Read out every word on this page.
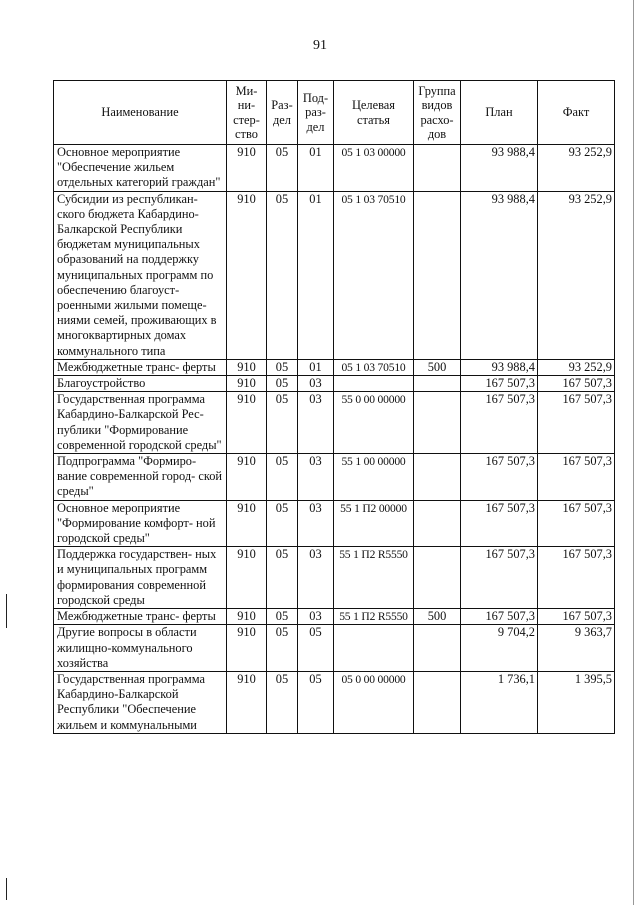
91
Наименование	Ми- ни- стер- ство	Раз- дел	Под- раз- дел	Целевая статья	Группа видов расхо- дов	План	Факт
Основное мероприятие "Обеспечение жильем отдельных категорий граждан"	910	05	01	05 1 03 00000		93 988,4	93 252,9
Субсидии из республикан- ского бюджета Кабардино- Балкарской Республики бюджетам муниципальных образований на поддержку муниципальных программ по обеспечению благоуст- роенными жилыми помеще- ниями семей, проживающих в многоквартирных домах коммунального типа	910	05	01	05 1 03 70510		93 988,4	93 252,9
Межбюджетные транс- ферты	910	05	01	05 1 03 70510	500	93 988,4	93 252,9
Благоустройство	910	05	03			167 507,3	167 507,3
Государственная программа Кабардино-Балкарской Рес- публики "Формирование современной городской среды"	910	05	03	55 0 00 00000		167 507,3	167 507,3
Подпрограмма "Формиро- вание современной город- ской среды"	910	05	03	55 1 00 00000		167 507,3	167 507,3
Основное мероприятие "Формирование комфорт- ной городской среды"	910	05	03	55 1 П2 00000		167 507,3	167 507,3
Поддержка государствен- ных и муниципальных программ формирования современной городской среды	910	05	03	55 1 П2 R5550		167 507,3	167 507,3
Межбюджетные транс- ферты	910	05	03	55 1 П2 R5550	500	167 507,3	167 507,3
Другие вопросы в области жилищно-коммунального хозяйства	910	05	05			9 704,2	9 363,7
Государственная программа Кабардино-Балкарской Республики "Обеспечение жильем и коммунальными	910	05	05	05 0 00 00000		1 736,1	1 395,5
